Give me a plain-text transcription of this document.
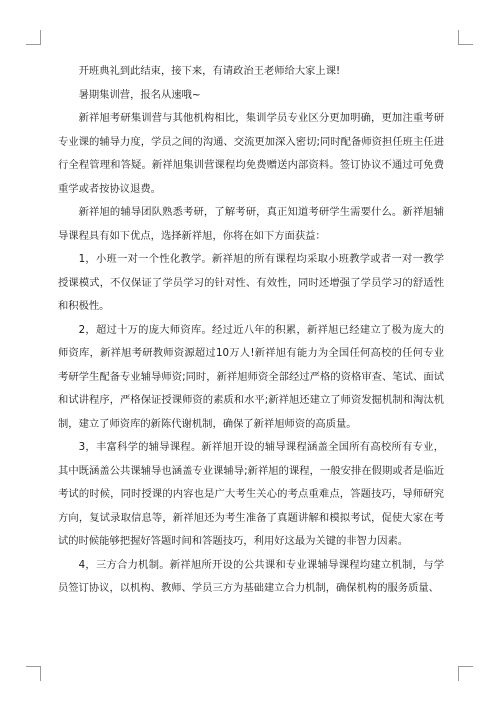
开班典礼到此结束，接下来，有请政治王老师给大家上课!

暑期集训营，报名从速哦~

新祥旭考研集训营与其他机构相比，集训学员专业区分更加明确，更加注重考研专业课的辅导力度，学员之间的沟通、交流更加深入密切;同时配备师资担任班主任进行全程管理和答疑。新祥旭集训营课程均免费赠送内部资料。签订协议不通过可免费重学或者按协议退费。

新祥旭的辅导团队熟悉考研，了解考研，真正知道考研学生需要什么。新祥旭辅导课程具有如下优点，选择新祥旭，你将在如下方面获益：

1，小班一对一个性化教学。新祥旭的所有课程均采取小班教学或者一对一教学授课模式，不仅保证了学员学习的针对性、有效性，同时还增强了学员学习的舒适性和积极性。

2，超过十万的庞大师资库。经过近八年的积累，新祥旭已经建立了极为庞大的师资库，新祥旭考研教师资源超过10万人!新祥旭有能力为全国任何高校的任何专业考研学生配备专业辅导师资;同时，新祥旭师资全部经过严格的资格审查、笔试、面试和试讲程序，严格保证授课师资的素质和水平;新祥旭还建立了师资发掘机制和淘汰机制，建立了师资库的新陈代谢机制，确保了新祥旭师资的高质量。

3，丰富科学的辅导课程。新祥旭开设的辅导课程涵盖全国所有高校所有专业，其中既涵盖公共课辅导也涵盖专业课辅导;新祥旭的课程，一般安排在假期或者是临近考试的时候，同时授课的内容也是广大考生关心的考点重难点，答题技巧，导师研究方向，复试录取信息等，新祥旭还为考生准备了真题讲解和模拟考试，促使大家在考试的时候能够把握好答题时间和答题技巧，利用好这最为关键的非智力因素。

4，三方合力机制。新祥旭所开设的公共课和专业课辅导课程均建立机制，与学员签订协议，以机构、教师、学员三方为基础建立合力机制，确保机构的服务质量、
